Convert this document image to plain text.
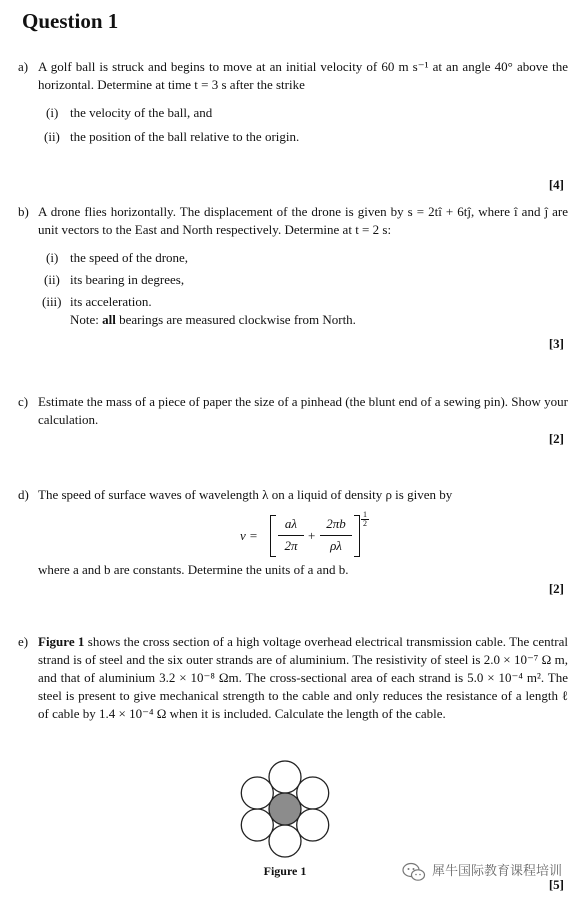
Question 1
a) A golf ball is struck and begins to move at an initial velocity of 60 m s⁻¹ at an angle 40° above the horizontal. Determine at time t = 3 s after the strike
(i) the velocity of the ball, and
(ii) the position of the ball relative to the origin.
[4]
b) A drone flies horizontally. The displacement of the drone is given by s = 2tî + 6tĵ, where î and ĵ are unit vectors to the East and North respectively. Determine at t = 2 s:
(i) the speed of the drone,
(ii) its bearing in degrees,
(iii) its acceleration.
Note: all bearings are measured clockwise from North.
[3]
c) Estimate the mass of a piece of paper the size of a pinhead (the blunt end of a sewing pin). Show your calculation.
[2]
d) The speed of surface waves of wavelength λ on a liquid of density ρ is given by
v =
aλ
2π
+
2πb
ρλ
1
2
where a and b are constants. Determine the units of a and b.
[2]
e) Figure 1 shows the cross section of a high voltage overhead electrical transmission cable. The central strand is of steel and the six outer strands are of aluminium. The resistivity of steel is 2.0 × 10⁻⁷ Ω m, and that of aluminium 3.2 × 10⁻⁸ Ωm. The cross-sectional area of each strand is 5.0 × 10⁻⁴ m². The steel is present to give mechanical strength to the cable and only reduces the resistance of a length ℓ of cable by 1.4 × 10⁻⁴ Ω when it is included. Calculate the length of the cable.
Figure 1	犀牛国际教育课程培训
[5]
